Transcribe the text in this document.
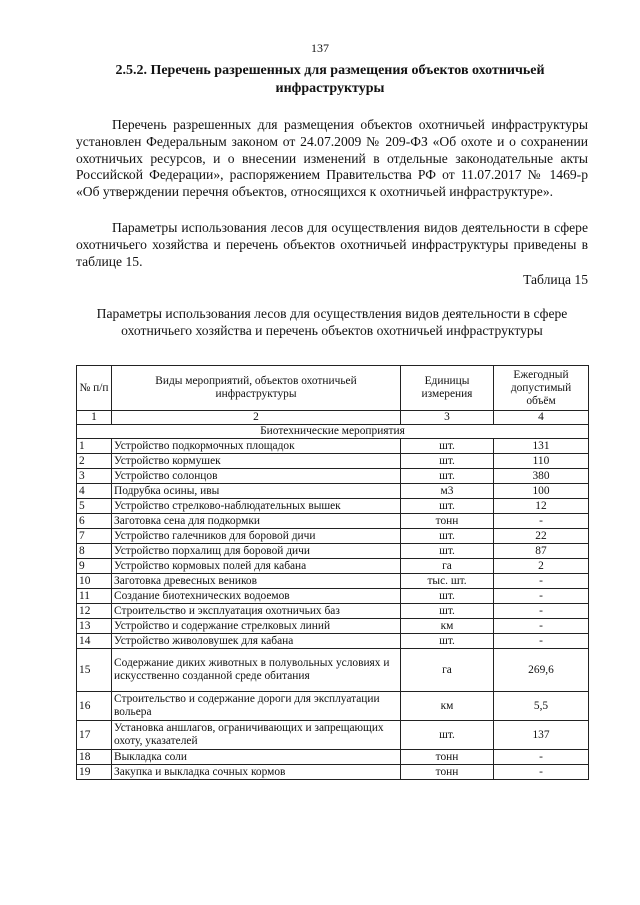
137
2.5.2. Перечень разрешенных для размещения объектов охотничьей инфраструктуры
Перечень разрешенных для размещения объектов охотничьей инфраструктуры установлен Федеральным законом от 24.07.2009 № 209-ФЗ «Об охоте и о сохранении охотничьих ресурсов, и о внесении изменений в отдельные законодательные акты Российской Федерации», распоряжением Правительства РФ от 11.07.2017 № 1469-р «Об утверждении перечня объектов, относящихся к охотничьей инфраструктуре».
Параметры использования лесов для осуществления видов деятельности в сфере охотничьего хозяйства и перечень объектов охотничьей инфраструктуры приведены в таблице 15.
Таблица 15
Параметры использования лесов для осуществления видов деятельности в сфере охотничьего хозяйства и перечень объектов охотничьей инфраструктуры
№ п/п	Виды мероприятий, объектов охотничьей инфраструктуры	Единицы измерения	Ежегодный допустимый объём
1	2	3	4
Биотехнические мероприятия			
1	Устройство подкормочных площадок	шт.	131
2	Устройство кормушек	шт.	110
3	Устройство солонцов	шт.	380
4	Подрубка осины, ивы	м3	100
5	Устройство стрелково-наблюдательных вышек	шт.	12
6	Заготовка сена для подкормки	тонн	-
7	Устройство галечников для боровой дичи	шт.	22
8	Устройство порхалищ для боровой дичи	шт.	87
9	Устройство кормовых полей для кабана	га	2
10	Заготовка древесных веников	тыс. шт.	-
11	Создание биотехнических водоемов	шт.	-
12	Строительство и эксплуатация охотничьих баз	шт.	-
13	Устройство и содержание стрелковых линий	км	-
14	Устройство живоловушек для кабана	шт.	-
15	Содержание диких животных в полувольных условиях и искусственно созданной среде обитания	га	269,6
16	Строительство и содержание дороги для эксплуатации вольера	км	5,5
17	Установка аншлагов, ограничивающих и запрещающих охоту, указателей	шт.	137
18	Выкладка соли	тонн	-
19	Закупка и выкладка сочных кормов	тонн	-
